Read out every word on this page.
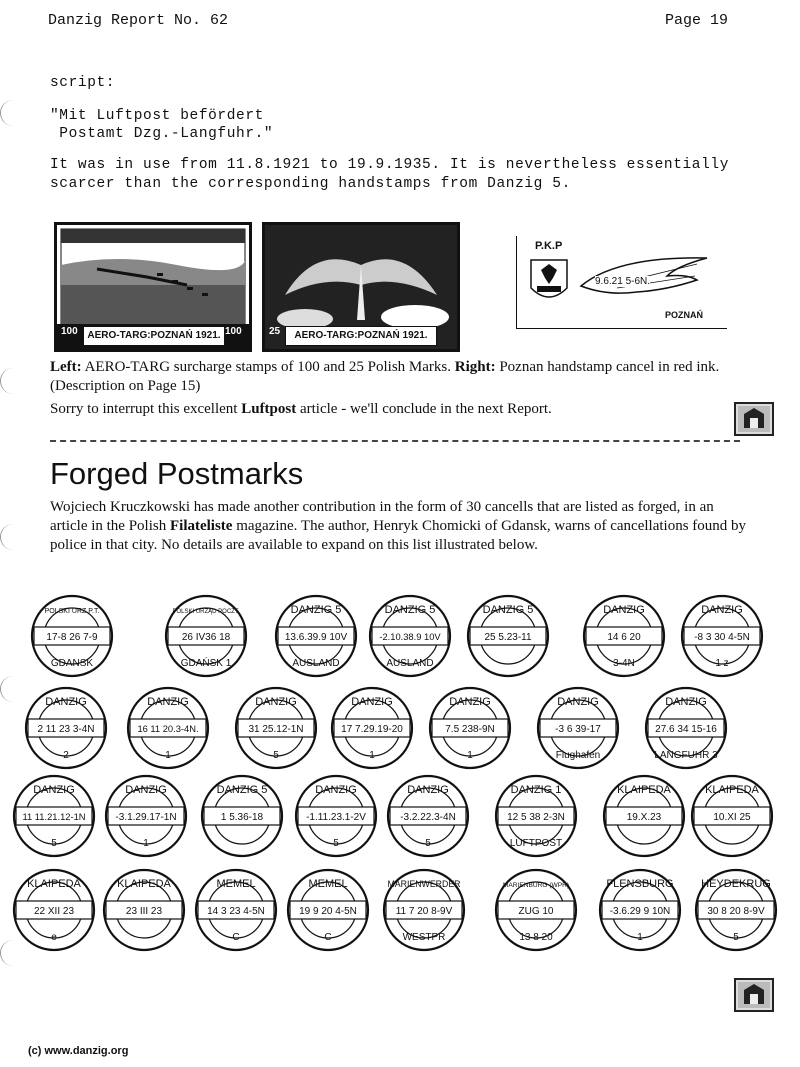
Danzig Report No. 62	Page 19
script:
"Mit Luftpost befördert
Postamt Dzg.-Langfuhr."
It was in use from 11.8.1921 to 19.9.1935. It is nevertheless essentially
scarcer than the corresponding handstamps from Danzig 5.
AERO-TARG:POZNAŃ 1921.
100	100	AERO-TARG:POZNAŃ 1921.
25
P.K.P
9.6.21 5-6N.
POZNAŃ
Left: AERO-TARG surcharge stamps of 100 and 25 Polish Marks. Right: Poznan handstamp cancel in red ink. (Description on Page 15)
Sorry to interrupt this excellent Luftpost article - we'll conclude in the next Report.
Forged Postmarks
Wojciech Kruczkowski has made another contribution in the form of 30 cancells that are listed as forged, in an article in the Polish Filateliste magazine. The author, Henryk Chomicki of Gdansk, warns of cancellations found by police in that city. No details are available to expand on this list illustrated below.
POLSKI URZ.P.T.
17-8 26 7-9
GDANSK
POLSKI URZĄD POCZT.
26 IV36 18
GDAŃSK 1
DANZIG 5
13.6.39.9 10V
AUSLAND
DANZIG 5
-2.10.38.9 10V
AUSLAND
DANZIG 5
25 5.23-11
DANZIG
14 6 20
3-4N
DANZIG
-8 3 30 4-5N
1 z
DANZIG
2 11 23 3-4N
2
DANZIG
16 11 20.3-4N.
1
DANZIG
31 25.12-1N
5
DANZIG
17 7.29.19-20
1
DANZIG
7.5 238-9N
1
DANZIG
-3 6 39-17
Flughafen
DANZIG
27.6 34 15-16
LANGFUHR 3
DANZIG
11 11.21.12-1N
5
DANZIG
-3.1.29.17-1N
1
DANZIG 5
1 5.36-18
DANZIG
-1.11.23.1-2V
5
DANZIG
-3.2.22.3-4N
5
DANZIG 1
12 5 38 2-3N
LUFTPOST
KLAIPEDA
19.X.23
KLAIPEDA
10.XI 25
KLAIPEDA
22 XII 23
e
KLAIPEDA
23 III 23
MEMEL
14 3 23 4-5N
C
MEMEL
19 9 20 4-5N
C
MARIENWERDER
11 7 20 8-9V
WESTPR
MARIENBURG (WPR)
ZUG 10
13 8 20
FLENSBURG
-3.6.29 9 10N
1
HEYDEKRUG
30 8 20 8-9V
5
(c) www.danzig.org
